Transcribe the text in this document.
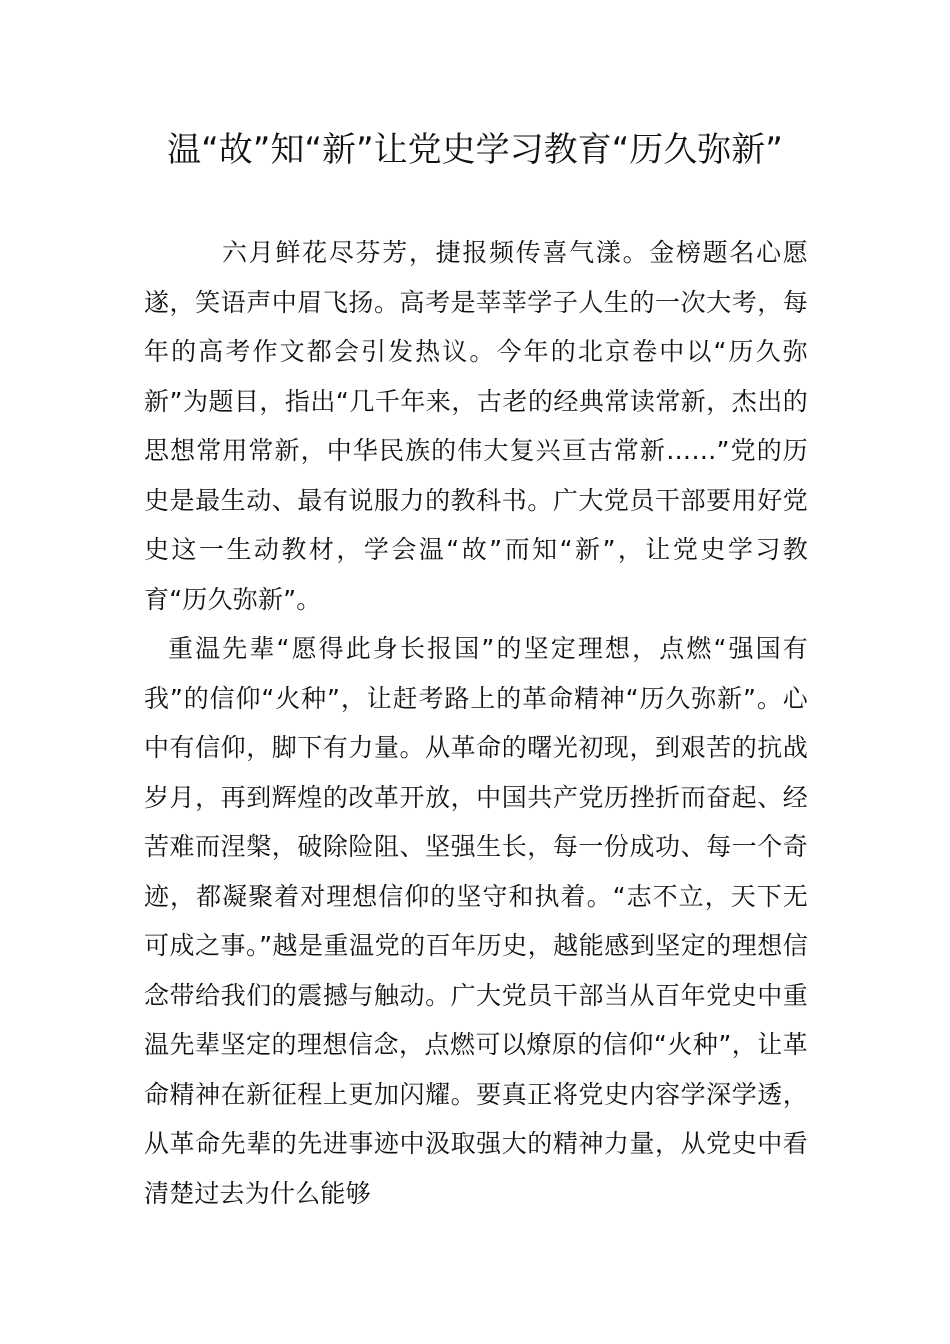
温“故”知“新”让党史学习教育“历久弥新”

六月鲜花尽芬芳，捷报频传喜气漾。金榜题名心愿遂，笑语声中眉飞扬。高考是莘莘学子人生的一次大考，每年的高考作文都会引发热议。今年的北京卷中以“历久弥新”为题目，指出“几千年来，古老的经典常读常新，杰出的思想常用常新，中华民族的伟大复兴亘古常新……”党的历史是最生动、最有说服力的教科书。广大党员干部要用好党史这一生动教材，学会温“故”而知“新”，让党史学习教育“历久弥新”。

重温先辈“愿得此身长报国”的坚定理想，点燃“强国有我”的信仰“火种”，让赶考路上的革命精神“历久弥新”。心中有信仰，脚下有力量。从革命的曙光初现，到艰苦的抗战岁月，再到辉煌的改革开放，中国共产党历挫折而奋起、经苦难而涅槃，破除险阻、坚强生长，每一份成功、每一个奇迹，都凝聚着对理想信仰的坚守和执着。“志不立，天下无可成之事。”越是重温党的百年历史，越能感到坚定的理想信念带给我们的震撼与触动。广大党员干部当从百年党史中重温先辈坚定的理想信念，点燃可以燎原的信仰“火种”，让革命精神在新征程上更加闪耀。要真正将党史内容学深学透，从革命先辈的先进事迹中汲取强大的精神力量，从党史中看清楚过去为什么能够
